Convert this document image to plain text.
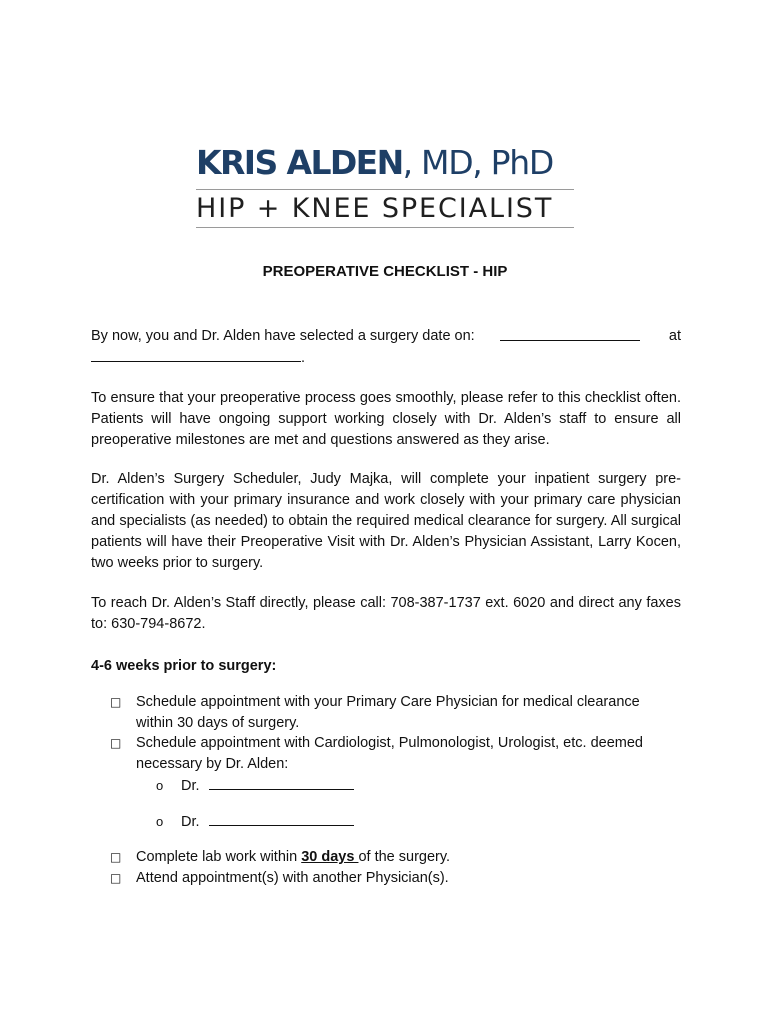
KRIS ALDEN, MD, PhD
HIP + KNEE SPECIALIST
PREOPERATIVE CHECKLIST - HIP
By now, you and Dr. Alden have selected a surgery date on:	at
.
To ensure that your preoperative process goes smoothly, please refer to this checklist often. Patients will have ongoing support working closely with Dr. Alden’s staff to ensure all preoperative milestones are met and questions answered as they arise.
Dr. Alden’s Surgery Scheduler, Judy Majka, will complete your inpatient surgery pre-certification with your primary insurance and work closely with your primary care physician and specialists (as needed) to obtain the required medical clearance for surgery. All surgical patients will have their Preoperative Visit with Dr. Alden’s Physician Assistant, Larry Kocen, two weeks prior to surgery.
To reach Dr. Alden’s Staff directly, please call: 708-387-1737 ext. 6020 and direct any faxes to: 630-794-8672.
4-6 weeks prior to surgery:
□ Schedule appointment with your Primary Care Physician for medical clearance within 30 days of surgery.
□ Schedule appointment with Cardiologist, Pulmonologist, Urologist, etc. deemed necessary by Dr. Alden:
o Dr.
o Dr.
□ Complete lab work within 30 days of the surgery.
□ Attend appointment(s) with another Physician(s).
